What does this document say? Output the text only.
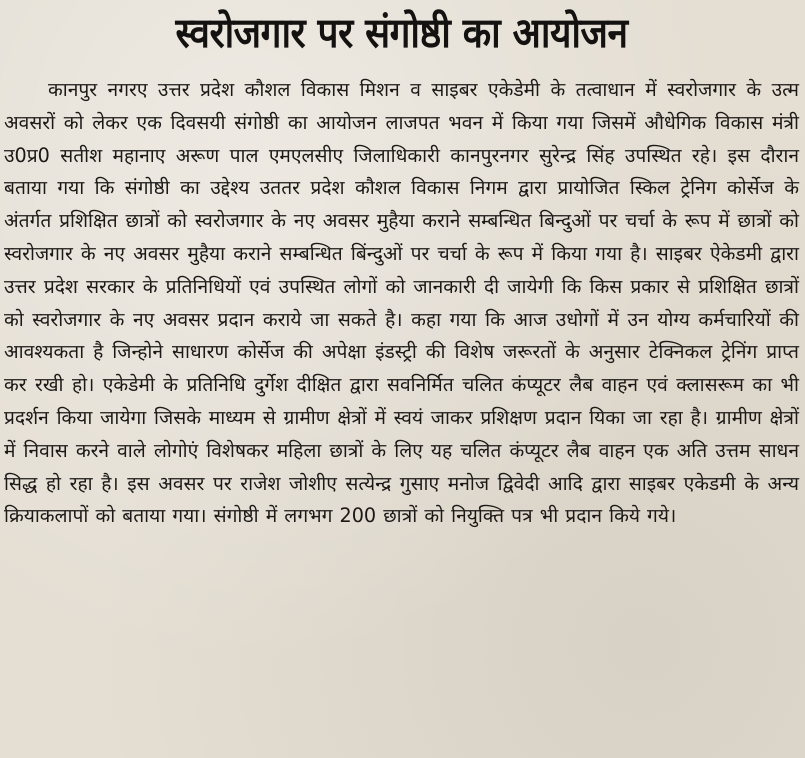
स्वरोजगार पर संगोष्ठी का आयोजन

कानपुर नगरए उत्तर प्रदेश कौशल विकास मिशन व साइबर एकेडेमी के तत्वाधान में स्वरोजगार के उत्म अवसरों को लेकर एक दिवसयी संगोष्ठी का आयोजन लाजपत भवन में किया गया जिसमें औधेगिक विकास मंत्री उ0प्र0 सतीश महानाए अरूण पाल एमएलसीए जिलाधिकारी कानपुरनगर सुरेन्द्र सिंह उपस्थित रहे। इस दौरान बताया गया कि संगोष्ठी का उद्देश्य उततर प्रदेश कौशल विकास निगम द्वारा प्रायोजित स्किल ट्रेनिग कोर्सेज के अंतर्गत प्रशिक्षित छात्रों को स्वरोजगार के नए अवसर मुहैया कराने सम्बन्धित बिन्दुओं पर चर्चा के रूप में छात्रों को स्वरोजगार के नए अवसर मुहैया कराने सम्बन्धित बिंन्दुओं पर चर्चा के रूप में किया गया है। साइबर ऐकेडमी द्वारा उत्तर प्रदेश सरकार के प्रतिनिधियों एवं उपस्थित लोगों को जानकारी दी जायेगी कि किस प्रकार से प्रशिक्षित छात्रों को स्वरोजगार के नए अवसर प्रदान कराये जा सकते है। कहा गया कि आज उधोगों में उन योग्य कर्मचारियों की आवश्यकता है जिन्होने साधारण कोर्सेज की अपेक्षा इंडस्ट्री की विशेष जरूरतों के अनुसार टेक्निकल ट्रेनिंग प्राप्त कर रखी हो। एकेडेमी के प्रतिनिधि दुर्गेश दीक्षित द्वारा सवनिर्मित चलित कंप्यूटर लैब वाहन एवं क्लासरूम का भी प्रदर्शन किया जायेगा जिसके माध्यम से ग्रामीण क्षेत्रों में स्वयं जाकर प्रशिक्षण प्रदान यिका जा रहा है। ग्रामीण क्षेत्रों में निवास करने वाले लोगोएं विशेषकर महिला छात्रों के लिए यह चलित कंप्यूटर लैब वाहन एक अति उत्तम साधन सिद्ध हो रहा है। इस अवसर पर राजेश जोशीए सत्येन्द्र गुसाए मनोज द्विवेदी आदि द्वारा साइबर एकेडमी के अन्य क्रियाकलापों को बताया गया। संगोष्ठी में लगभग 200 छात्रों को नियुक्ति पत्र भी प्रदान किये गये।
